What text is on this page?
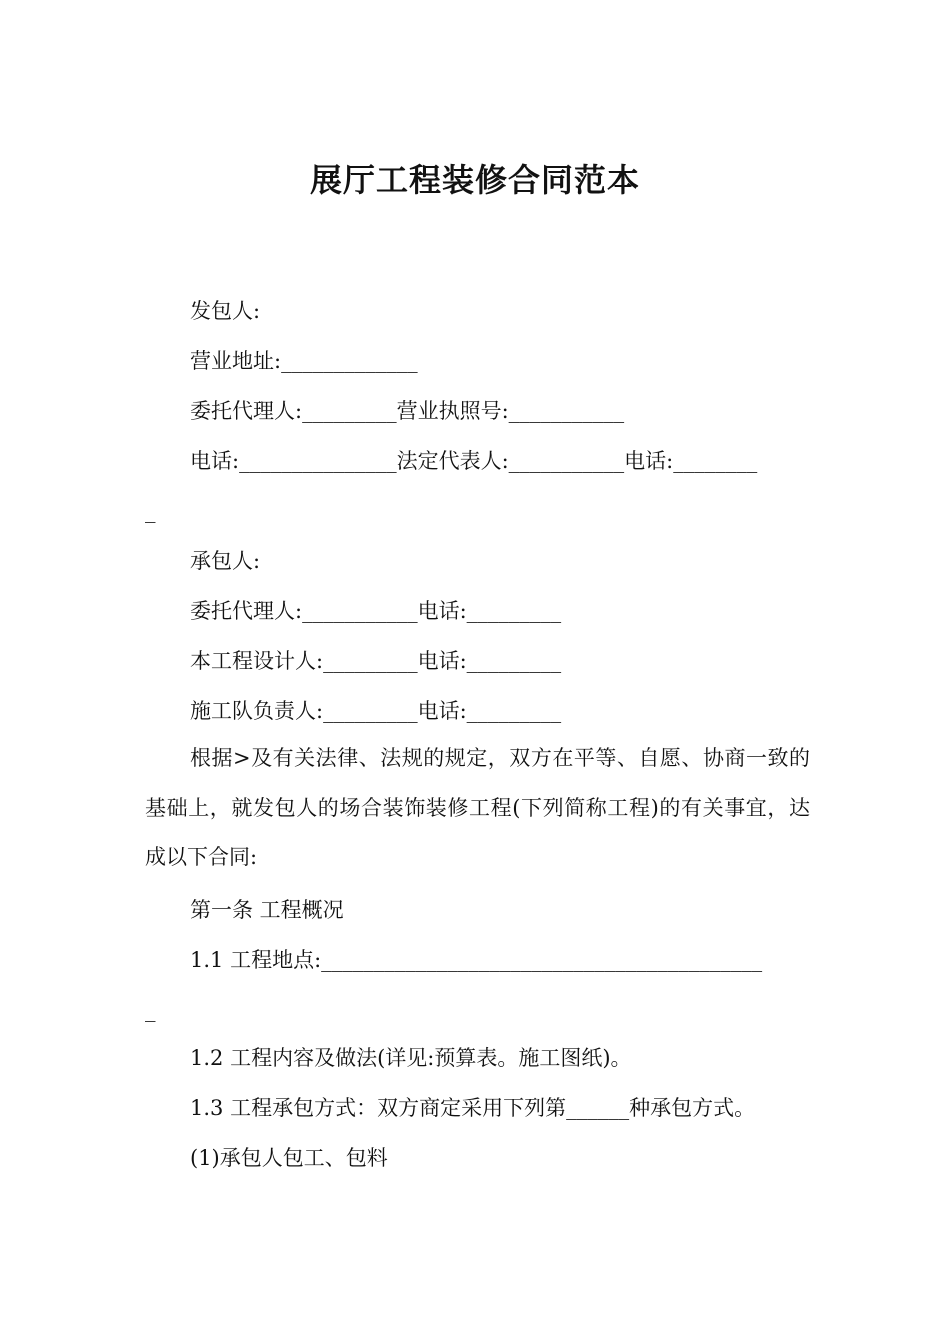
展厅工程装修合同范本
发包人:
营业地址:_____________
委托代理人:_________营业执照号:___________
电话:_______________法定代表人:___________电话:________
_
承包人:
委托代理人:___________电话:_________
本工程设计人:_________电话:_________
施工队负责人:_________电话:_________
根据>及有关法律、法规的规定，双方在平等、自愿、协商一致的基础上，就发包人的场合装饰装修工程(下列简称工程)的有关事宜，达成以下合同:
第一条 工程概况
1.1 工程地点:__________________________________________
_
1.2 工程内容及做法(详见:预算表。施工图纸)。
1.3 工程承包方式：双方商定采用下列第______种承包方式。
(1)承包人包工、包料
